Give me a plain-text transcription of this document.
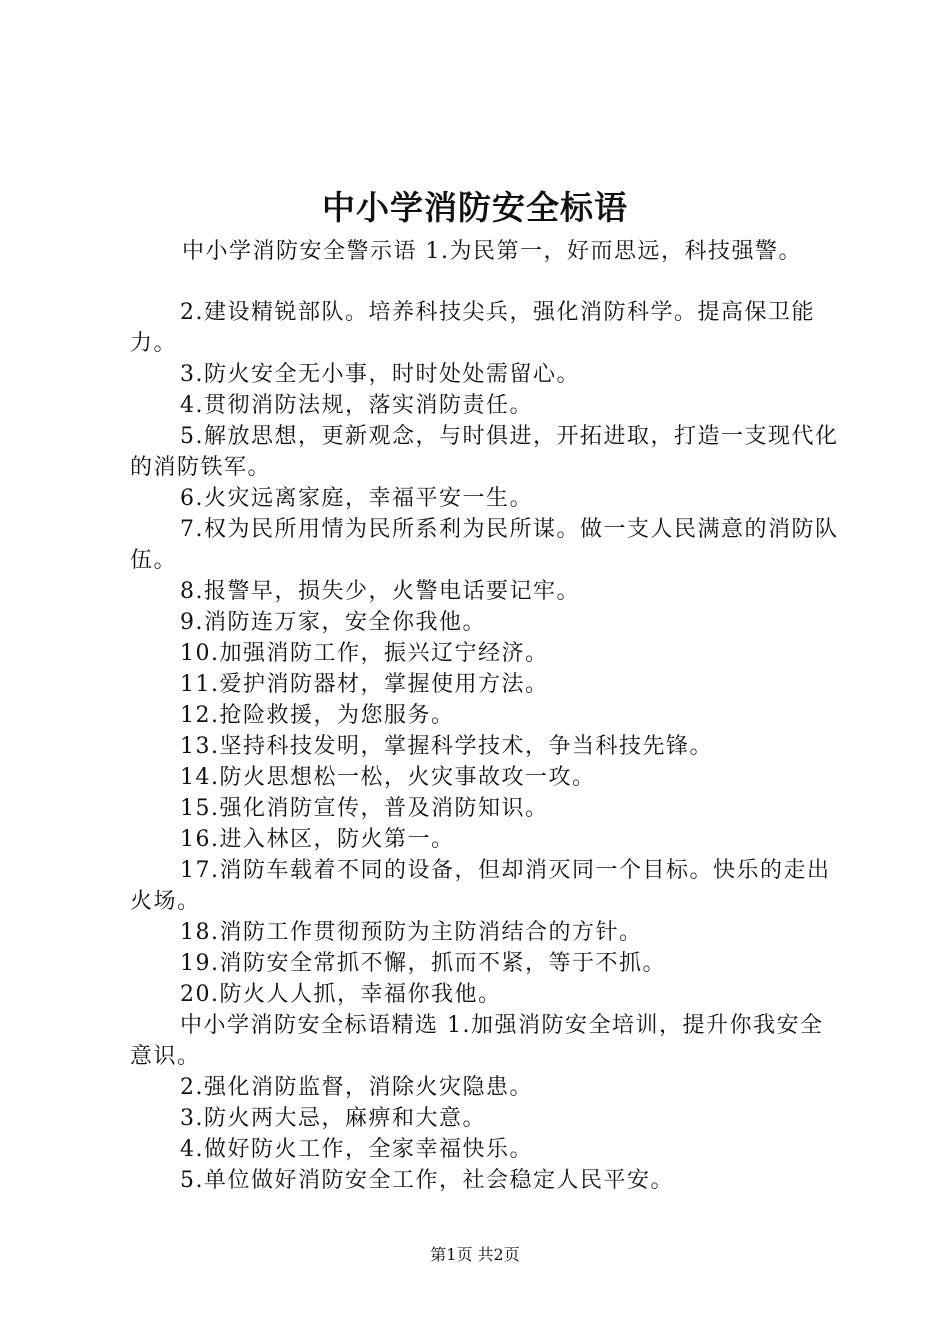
中小学消防安全标语

中小学消防安全警示语 1.为民第一，好而思远，科技强警。

2.建设精锐部队。培养科技尖兵，强化消防科学。提高保卫能力。

3.防火安全无小事，时时处处需留心。

4.贯彻消防法规，落实消防责任。

5.解放思想，更新观念，与时俱进，开拓进取，打造一支现代化的消防铁军。

6.火灾远离家庭，幸福平安一生。

7.权为民所用情为民所系利为民所谋。做一支人民满意的消防队伍。

8.报警早，损失少，火警电话要记牢。

9.消防连万家，安全你我他。

10.加强消防工作，振兴辽宁经济。

11.爱护消防器材，掌握使用方法。

12.抢险救援，为您服务。

13.坚持科技发明，掌握科学技术，争当科技先锋。

14.防火思想松一松，火灾事故攻一攻。

15.强化消防宣传，普及消防知识。

16.进入林区，防火第一。

17.消防车载着不同的设备，但却消灭同一个目标。快乐的走出火场。

18.消防工作贯彻预防为主防消结合的方针。

19.消防安全常抓不懈，抓而不紧，等于不抓。

20.防火人人抓，幸福你我他。

中小学消防安全标语精选 1.加强消防安全培训，提升你我安全意识。

2.强化消防监督，消除火灾隐患。

3.防火两大忌，麻痹和大意。

4.做好防火工作，全家幸福快乐。

5.单位做好消防安全工作，社会稳定人民平安。

第1页 共2页
